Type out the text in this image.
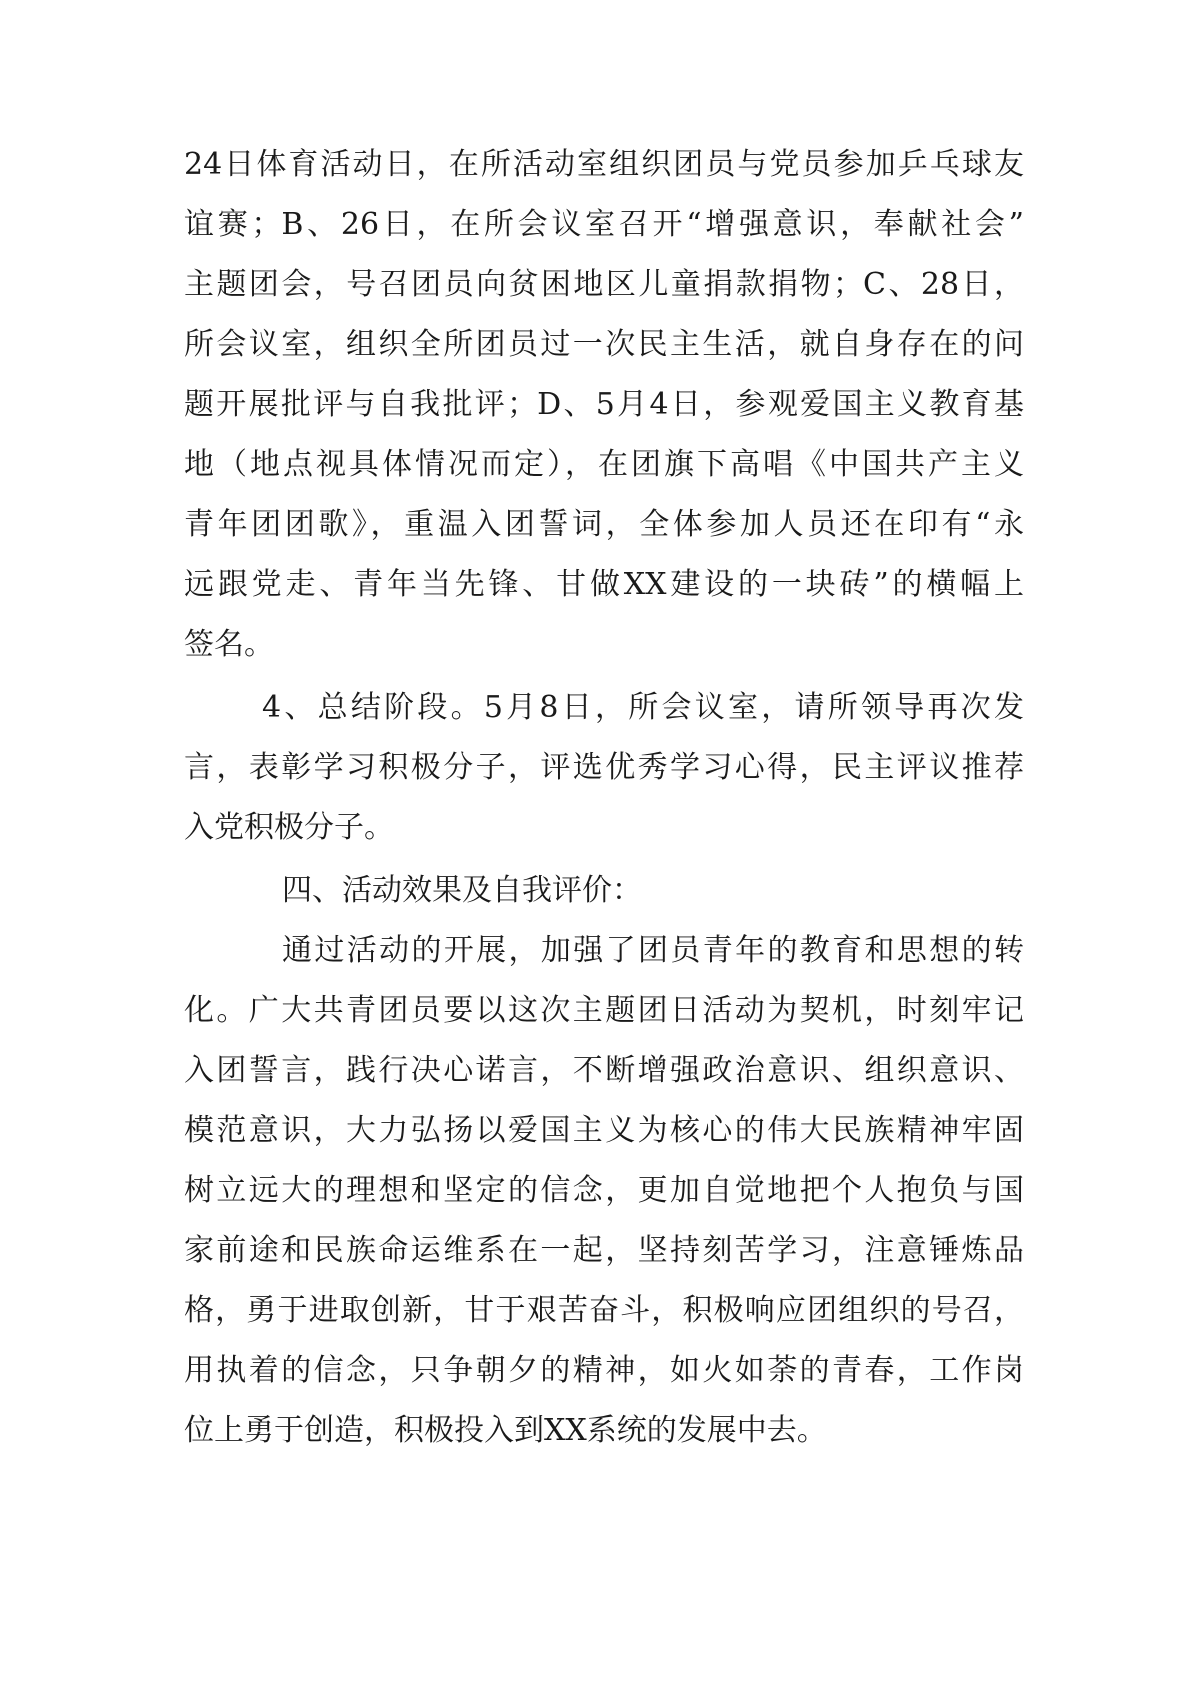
24日体育活动日，在所活动室组织团员与党员参加乒乓球友
谊赛；B、26日，在所会议室召开“增强意识，奉献社会”
主题团会，号召团员向贫困地区儿童捐款捐物；C、28日，
所会议室，组织全所团员过一次民主生活，就自身存在的问
题开展批评与自我批评；D、5月4日，参观爱国主义教育基
地（地点视具体情况而定），在团旗下高唱《中国共产主义
青年团团歌》，重温入团誓词，全体参加人员还在印有“永
远跟党走、青年当先锋、甘做XX建设的一块砖”的横幅上
签名。
4、总结阶段。5月8日，所会议室，请所领导再次发
言，表彰学习积极分子，评选优秀学习心得，民主评议推荐
入党积极分子。
四、活动效果及自我评价：
通过活动的开展，加强了团员青年的教育和思想的转
化。广大共青团员要以这次主题团日活动为契机，时刻牢记
入团誓言，践行决心诺言，不断增强政治意识、组织意识、
模范意识，大力弘扬以爱国主义为核心的伟大民族精神牢固
树立远大的理想和坚定的信念，更加自觉地把个人抱负与国
家前途和民族命运维系在一起，坚持刻苦学习，注意锤炼品
格，勇于进取创新，甘于艰苦奋斗，积极响应团组织的号召，
用执着的信念，只争朝夕的精神，如火如荼的青春，工作岗
位上勇于创造，积极投入到XX系统的发展中去。
